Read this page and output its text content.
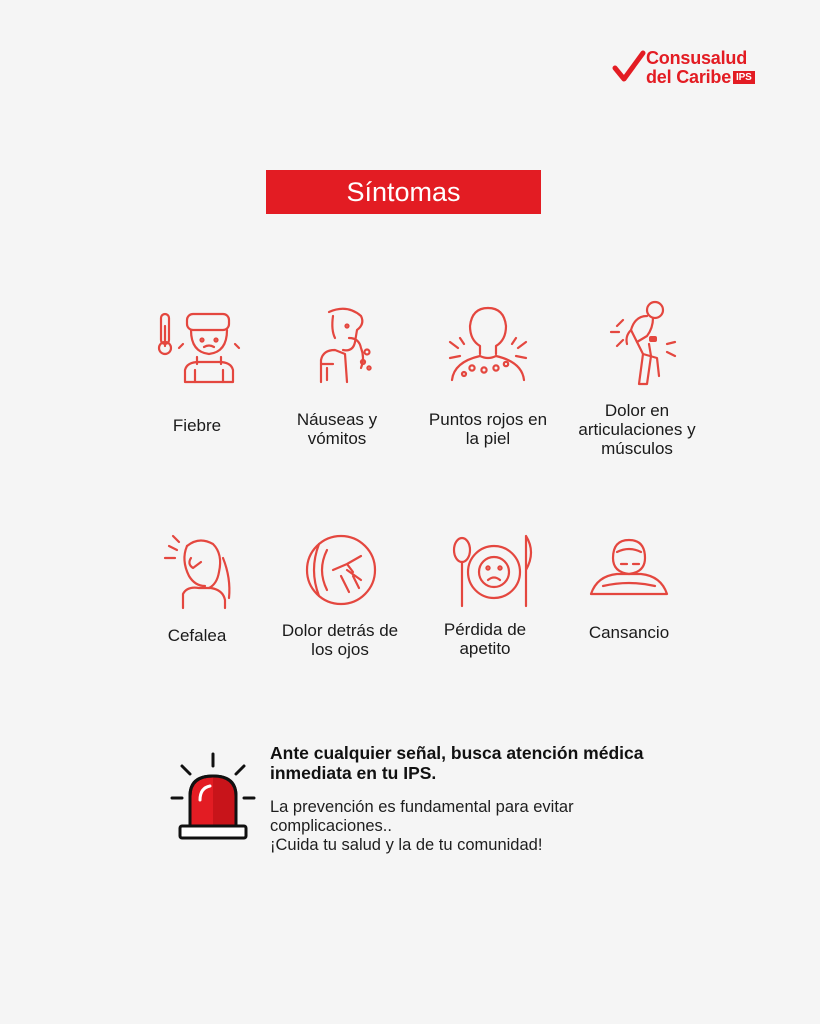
Consusalud
del Caribe IPS
Síntomas
Fiebre	Náuseas y vómitos
Puntos rojos en la piel
Dolor en articulaciones y músculos
Cefalea	Dolor detrás de los ojos
Pérdida de apetito
Cansancio
Ante cualquier señal, busca atención médica inmediata en tu IPS.
La prevención es fundamental para evitar
complicaciones..
¡Cuida tu salud y la de tu comunidad!
